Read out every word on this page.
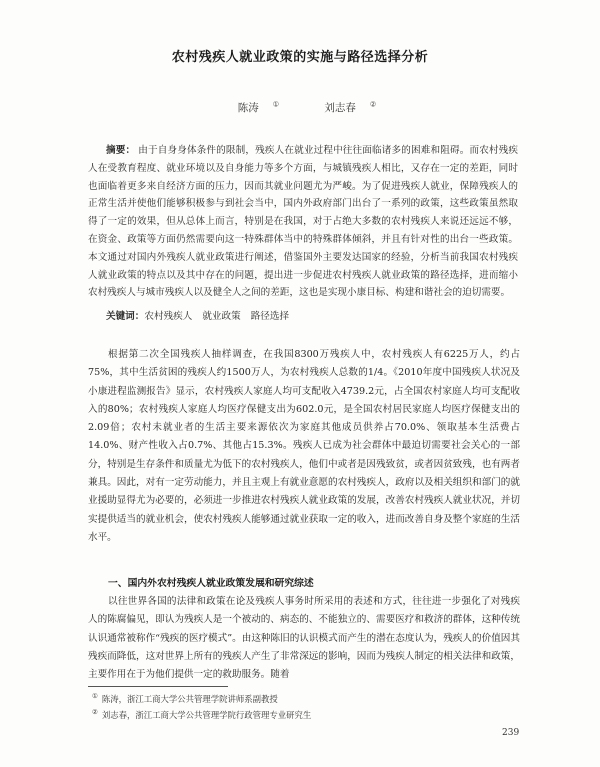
农村残疾人就业政策的实施与路径选择分析
陈涛 ①	刘志春 ②
摘要： 由于自身身体条件的限制，残疾人在就业过程中往往面临诸多的困难和阻碍。而农村残疾人在受教育程度、就业环境以及自身能力等多个方面，与城镇残疾人相比，又存在一定的差距，同时也面临着更多来自经济方面的压力，因而其就业问题尤为严峻。为了促进残疾人就业，保障残疾人的正常生活并使他们能够积极参与到社会当中，国内外政府部门出台了一系列的政策，这些政策虽然取得了一定的效果，但从总体上而言，特别是在我国，对于占绝大多数的农村残疾人来说还远远不够，在资金、政策等方面仍然需要向这一特殊群体当中的特殊群体倾斜，并且有针对性的出台一些政策。本文通过对国内外残疾人就业政策进行阐述，借鉴国外主要发达国家的经验，分析当前我国农村残疾人就业政策的特点以及其中存在的问题，提出进一步促进农村残疾人就业政策的路径选择，进而缩小农村残疾人与城市残疾人以及健全人之间的差距，这也是实现小康目标、构建和谐社会的迫切需要。
关键词：农村残疾人 就业政策 路径选择

根据第二次全国残疾人抽样调查，在我国8300万残疾人中，农村残疾人有6225万人，约占75%，其中生活贫困的残疾人约1500万人，为农村残疾人总数的1/4。《2010年度中国残疾人状况及小康进程监测报告》显示，农村残疾人家庭人均可支配收入4739.2元，占全国农村家庭人均可支配收入的80%；农村残疾人家庭人均医疗保健支出为602.0元，是全国农村居民家庭人均医疗保健支出的2.09倍；农村未就业者的生活主要来源依次为家庭其他成员供养占70.0%、领取基本生活费占14.0%、财产性收入占0.7%、其他占15.3%。残疾人已成为社会群体中最迫切需要社会关心的一部分，特别是生存条件和质量尤为低下的农村残疾人，他们中或者是因残致贫，或者因贫致残，也有两者兼具。因此，对有一定劳动能力，并且主观上有就业意愿的农村残疾人，政府以及相关组织和部门的就业援助显得尤为必要的，必须进一步推进农村残疾人就业政策的发展，改善农村残疾人就业状况，并切实提供适当的就业机会，使农村残疾人能够通过就业获取一定的收入，进而改善自身及整个家庭的生活水平。

一、国内外农村残疾人就业政策发展和研究综述

以往世界各国的法律和政策在论及残疾人事务时所采用的表述和方式，往往进一步强化了对残疾人的陈腐偏见，即认为残疾人是一个被动的、病态的、不能独立的、需要医疗和救济的群体，这种传统认识通常被称作“残疾的医疗模式”。由这种陈旧的认识模式而产生的潜在态度认为，残疾人的价值因其残疾而降低，这对世界上所有的残疾人产生了非常深远的影响，因而为残疾人制定的相关法律和政策，主要作用在于为他们提供一定的救助服务。随着

① 陈涛，浙江工商大学公共管理学院讲师系副教授
② 刘志春，浙江工商大学公共管理学院行政管理专业研究生
239
